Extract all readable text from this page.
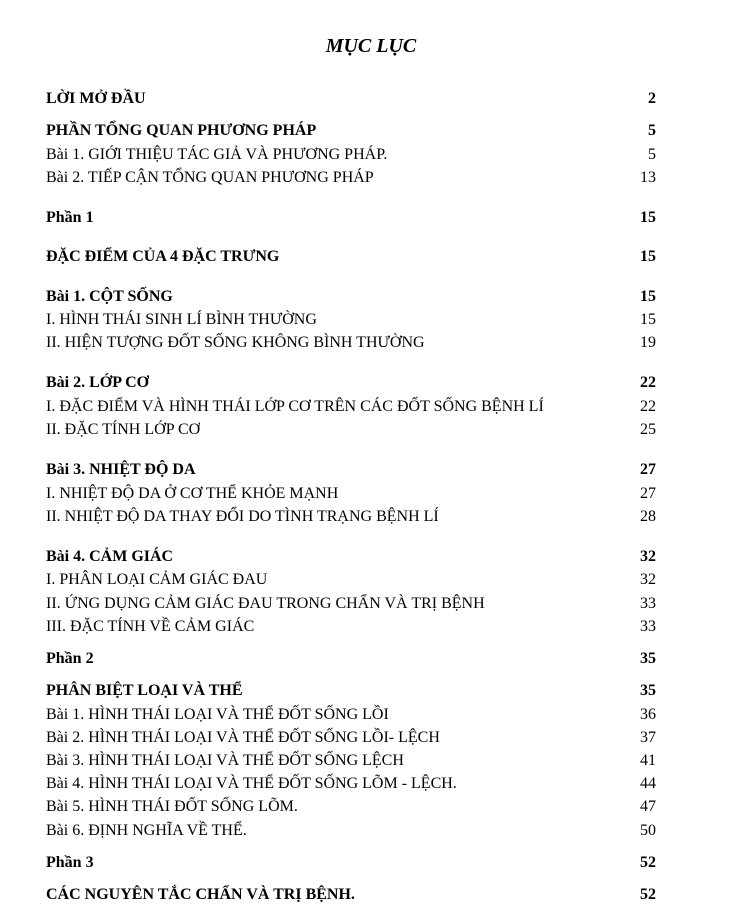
MỤC LỤC
LỜI MỞ ĐẦU	2
PHẦN TỔNG QUAN PHƯƠNG PHÁP	5
Bài 1. GIỚI THIỆU TÁC GIẢ VÀ PHƯƠNG PHÁP.	5
Bài 2. TIẾP CẬN TỔNG QUAN PHƯƠNG PHÁP	13
Phần 1	15
ĐẶC ĐIỂM CỦA 4 ĐẶC TRƯNG	15
Bài 1. CỘT SỐNG	15
I. HÌNH THÁI SINH LÍ BÌNH THƯỜNG	15
II. HIỆN TƯỢNG ĐỐT SỐNG KHÔNG BÌNH THƯỜNG	19
Bài 2. LỚP CƠ	22
I. ĐẶC ĐIỂM VÀ HÌNH THÁI LỚP CƠ TRÊN CÁC ĐỐT SỐNG BỆNH LÍ	22
II. ĐẶC TÍNH LỚP CƠ	25
Bài 3. NHIỆT ĐỘ DA	27
I. NHIỆT ĐỘ DA Ở CƠ THỂ KHỎE MẠNH	27
II. NHIỆT ĐỘ DA THAY ĐỔI DO TÌNH TRẠNG BỆNH LÍ	28
Bài 4. CẢM GIÁC	32
I. PHÂN LOẠI CẢM GIÁC ĐAU	32
II. ỨNG DỤNG CẢM GIÁC ĐAU TRONG CHẨN VÀ TRỊ BỆNH	33
III. ĐẶC TÍNH VỀ CẢM GIÁC	33
Phần 2	35
PHÂN BIỆT LOẠI VÀ THỂ	35
Bài 1. HÌNH THÁI LOẠI VÀ THỂ ĐỐT SỐNG LỒI	36
Bài 2. HÌNH THÁI LOẠI VÀ THỂ ĐỐT SỐNG LỒI- LỆCH	37
Bài 3. HÌNH THÁI LOẠI VÀ THỂ ĐỐT SỐNG LỆCH	41
Bài 4. HÌNH THÁI LOẠI VÀ THỂ ĐỐT SỐNG LÕM - LỆCH.	44
Bài 5. HÌNH THÁI ĐỐT SỐNG LÕM.	47
Bài 6. ĐỊNH NGHĨA VỀ THỂ.	50
Phần 3	52
CÁC NGUYÊN TẮC CHẨN VÀ TRỊ BỆNH.	52
